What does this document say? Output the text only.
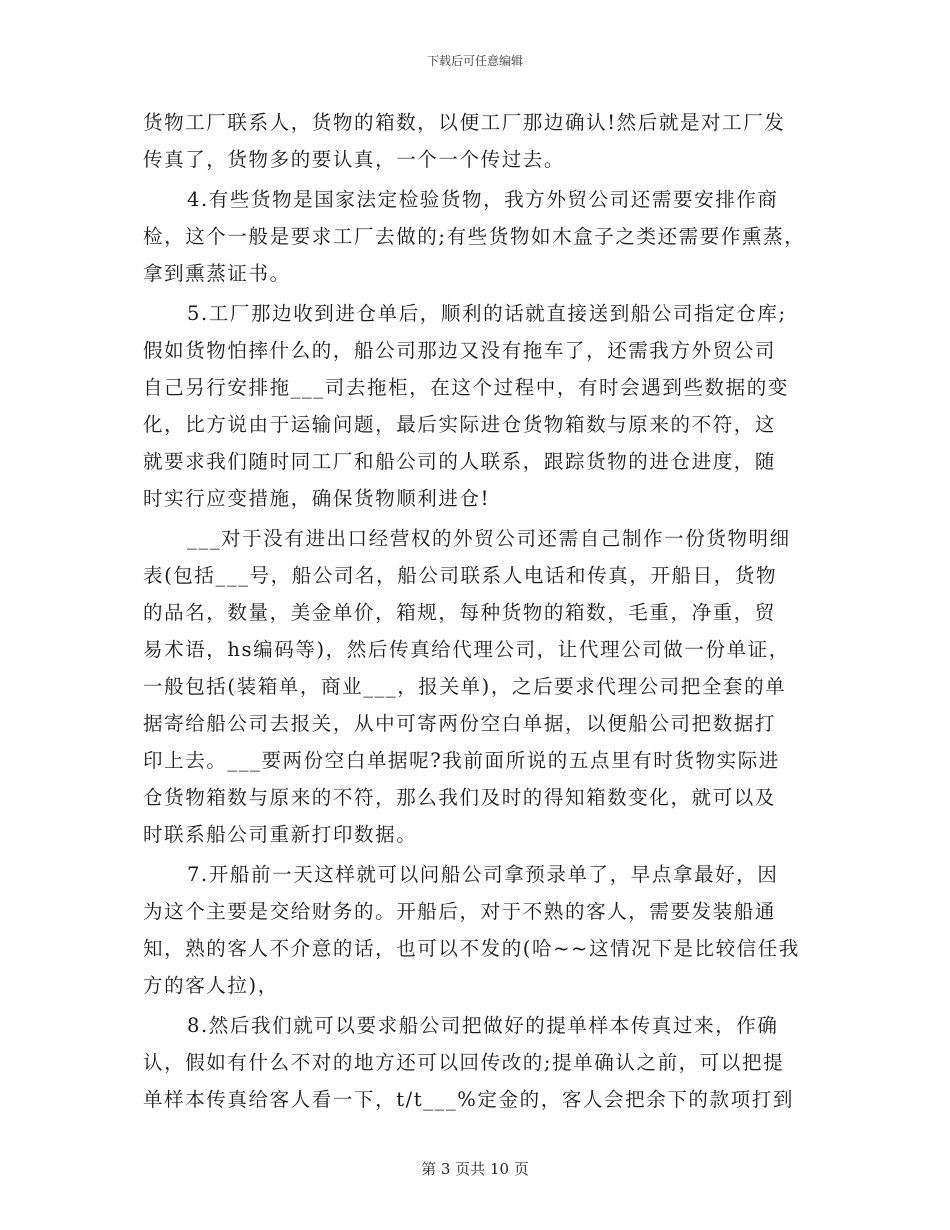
下载后可任意编辑

货物工厂联系人，货物的箱数，以便工厂那边确认!然后就是对工厂发
传真了，货物多的要认真，一个一个传过去。

4.有些货物是国家法定检验货物，我方外贸公司还需要安排作商
检，这个一般是要求工厂去做的;有些货物如木盒子之类还需要作熏蒸，
拿到熏蒸证书。

5.工厂那边收到进仓单后，顺利的话就直接送到船公司指定仓库;
假如货物怕摔什么的，船公司那边又没有拖车了，还需我方外贸公司
自己另行安排拖___司去拖柜，在这个过程中，有时会遇到些数据的变
化，比方说由于运输问题，最后实际进仓货物箱数与原来的不符，这
就要求我们随时同工厂和船公司的人联系，跟踪货物的进仓进度，随
时实行应变措施，确保货物顺利进仓!

___对于没有进出口经营权的外贸公司还需自己制作一份货物明细
表(包括___号，船公司名，船公司联系人电话和传真，开船日，货物
的品名，数量，美金单价，箱规，每种货物的箱数，毛重，净重，贸
易术语，hs编码等)，然后传真给代理公司，让代理公司做一份单证，
一般包括(装箱单，商业___，报关单)，之后要求代理公司把全套的单
据寄给船公司去报关，从中可寄两份空白单据，以便船公司把数据打
印上去。___要两份空白单据呢?我前面所说的五点里有时货物实际进
仓货物箱数与原来的不符，那么我们及时的得知箱数变化，就可以及
时联系船公司重新打印数据。

7.开船前一天这样就可以问船公司拿预录单了，早点拿最好，因
为这个主要是交给财务的。开船后，对于不熟的客人，需要发装船通
知，熟的客人不介意的话，也可以不发的(哈~~这情况下是比较信任我
方的客人拉)，

8.然后我们就可以要求船公司把做好的提单样本传真过来，作确
认，假如有什么不对的地方还可以回传改的;提单确认之前，可以把提
单样本传真给客人看一下，t/t___%定金的，客人会把余下的款项打到

第 3 页共 10 页
